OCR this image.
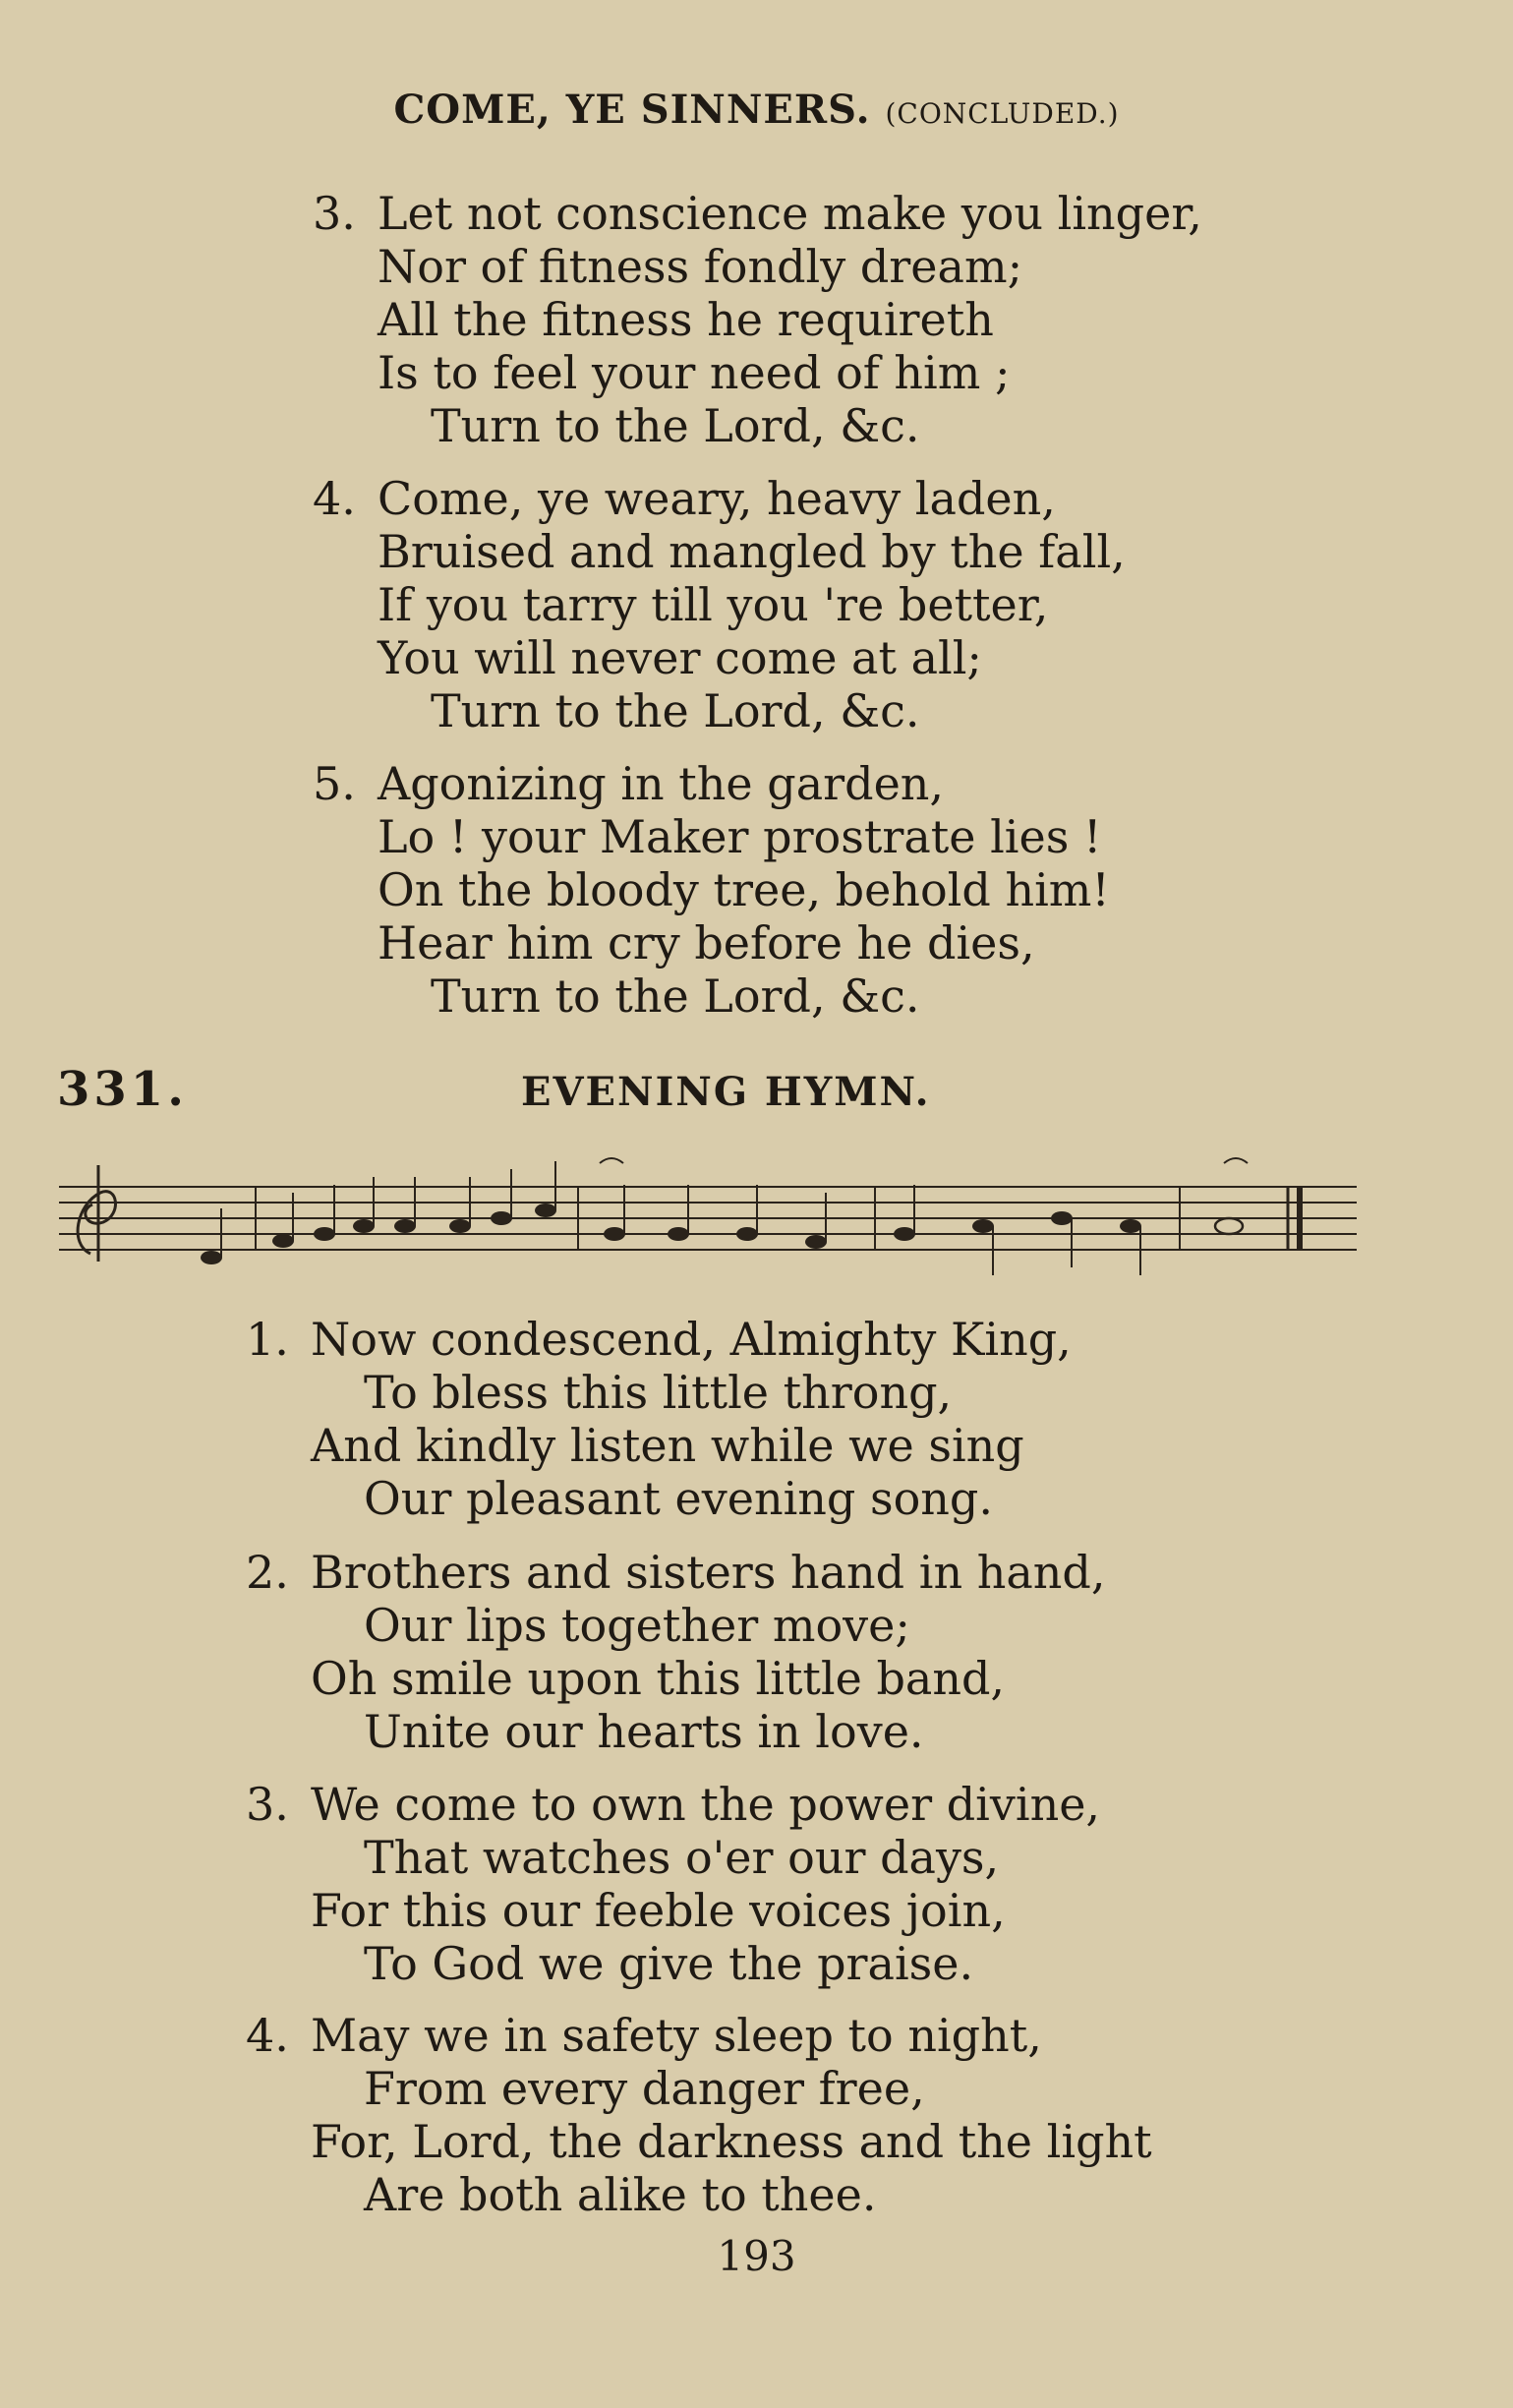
COME, YE SINNERS. (CONCLUDED.)
3. Let not conscience make you linger,
Nor of fitness fondly dream;
All the fitness he requireth
Is to feel your need of him ;
Turn to the Lord, &c.
4. Come, ye weary, heavy laden,
Bruised and mangled by the fall,
If you tarry till you 're better,
You will never come at all;
Turn to the Lord, &c.
5. Agonizing in the garden,
Lo ! your Maker prostrate lies !
On the bloody tree, behold him!
Hear him cry before he dies,
Turn to the Lord, &c.
331.	EVENING HYMN.
1. Now condescend, Almighty King,
To bless this little throng,
And kindly listen while we sing
Our pleasant evening song.
2. Brothers and sisters hand in hand,
Our lips together move;
Oh smile upon this little band,
Unite our hearts in love.
3. We come to own the power divine,
That watches o'er our days,
For this our feeble voices join,
To God we give the praise.
4. May we in safety sleep to night,
From every danger free,
For, Lord, the darkness and the light
Are both alike to thee.
193
